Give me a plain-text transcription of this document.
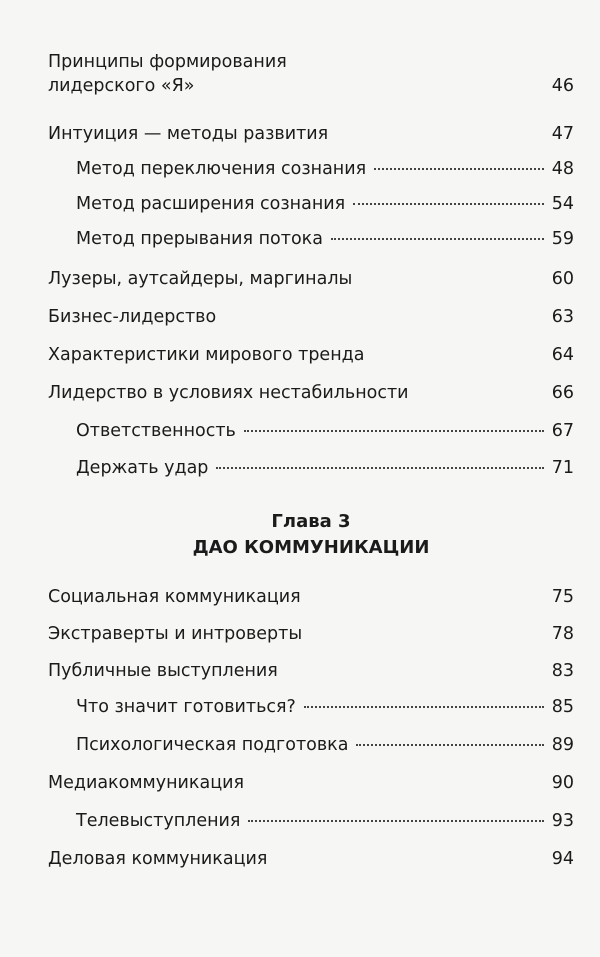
Принципы формирования
лидерского «Я»	46
Интуиция — методы развития	47
Метод переключения сознания	48
Метод расширения сознания	54
Метод прерывания потока	59
Лузеры, аутсайдеры, маргиналы	60
Бизнес-лидерство	63
Характеристики мирового тренда	64
Лидерство в условиях нестабильности	66
Ответственность	67
Держать удар	71
Глава 3
ДАО КОММУНИКАЦИИ
Социальная коммуникация	75
Экстраверты и интроверты	78
Публичные выступления	83
Что значит готовиться?	85
Психологическая подготовка	89
Медиакоммуникация	90
Телевыступления	93
Деловая коммуникация	94
